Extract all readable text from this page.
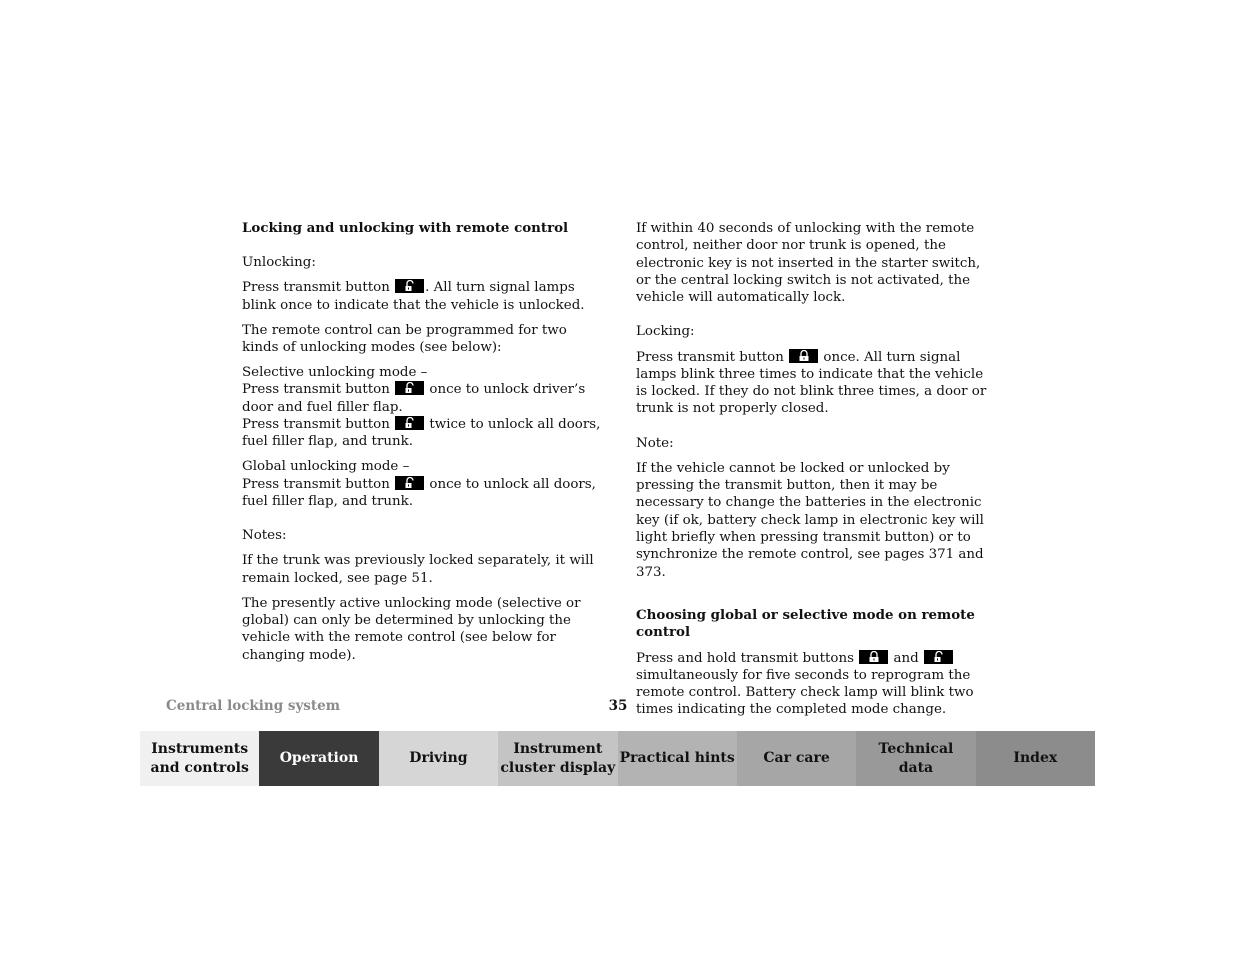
Locking and unlocking with remote control

Unlocking:

Press transmit button
. All turn signal lamps blink once to indicate that the vehicle is unlocked.

The remote control can be programmed for two kinds of unlocking modes (see below):

Selective unlocking mode –
Press transmit button
once to unlock driver’s door and fuel filler flap.
Press transmit button
twice to unlock all doors, fuel filler flap, and trunk.

Global unlocking mode –
Press transmit button
once to unlock all doors, fuel filler flap, and trunk.

Notes:

If the trunk was previously locked separately, it will remain locked, see page 51.

The presently active unlocking mode (selective or global) can only be determined by unlocking the vehicle with the remote control (see below for changing mode).

If within 40 seconds of unlocking with the remote control, neither door nor trunk is opened, the electronic key is not inserted in the starter switch, or the central locking switch is not activated, the vehicle will automatically lock.

Locking:

Press transmit button
once. All turn signal lamps blink three times to indicate that the vehicle is locked. If they do not blink three times, a door or trunk is not properly closed.

Note:

If the vehicle cannot be locked or unlocked by pressing the transmit button, then it may be necessary to change the batteries in the electronic key (if ok, battery check lamp in electronic key will light briefly when pressing transmit button) or to synchronize the remote control, see pages 371 and 373.

Choosing global or selective mode on remote control

Press and hold transmit buttons
and
simultaneously for five seconds to reprogram the remote control. Battery check lamp will blink two times indicating the completed mode change.

Central locking system	35
Instruments
and controls
Operation	Driving
Instrument
cluster display
Practical hints	Car care
Technical
data
Index
